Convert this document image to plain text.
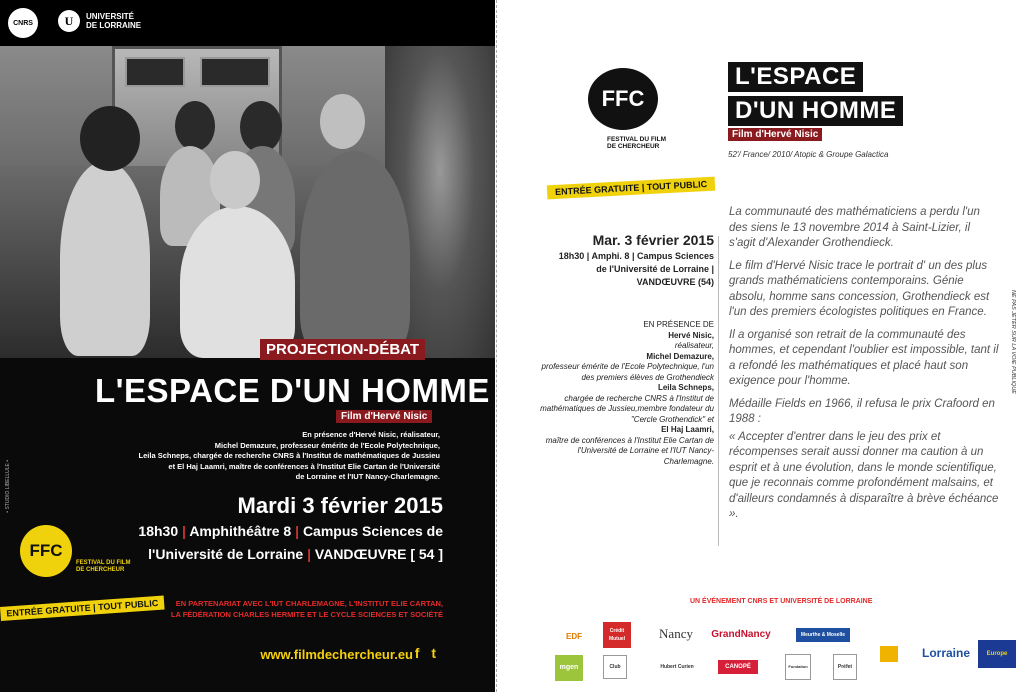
CNRS	U	UNIVERSITÉ
DE LORRAINE
PROJECTION-DÉBAT
L'ESPACE D'UN HOMME
Film d'Hervé Nisic
En présence d'Hervé Nisic, réalisateur,
Michel Demazure, professeur émérite de l'Ecole Polytechnique,
Leila Schneps, chargée de recherche CNRS à l'Institut de mathématiques de Jussieu
et El Haj Laamri, maître de conférences à l'Institut Elie Cartan de l'Université
de Lorraine et l'IUT Nancy-Charlemagne.
Mardi 3 février 2015
18h30 | Amphithéâtre 8 | Campus Sciences de
l'Université de Lorraine | VANDŒUVRE [ 54 ]
EN PARTENARIAT AVEC L'IUT CHARLEMAGNE, L'INSTITUT ELIE CARTAN,
LA FÉDÉRATION CHARLES HERMITE ET LE CYCLE SCIENCES ET SOCIÉTÉ
FFC
FESTIVAL DU FILM
DE CHERCHEUR
ENTRÉE GRATUITE | TOUT PUBLIC
www.filmdechercheur.eu f t
• STUDIO LIBELLULE •
FFC
FESTIVAL DU FILM
DE CHERCHEUR
L'ESPACE
D'UN HOMME
Film d'Hervé Nisic
52'/ France/ 2010/ Atopic & Groupe Galactica
ENTRÉE GRATUITE | TOUT PUBLIC
Mar. 3 février 2015
18h30 | Amphi. 8 | Campus Sciences
de l'Université de Lorraine |
VANDŒUVRE (54)
EN PRÉSENCE DE
Hervé Nisic,
réalisateur,
Michel Demazure,
professeur émérite de l'Ecole Polytechnique, l'un des premiers élèves de Grothendieck
Leila Schneps,
chargée de recherche CNRS à l'Institut de mathématiques de Jussieu,membre fondateur du "Cercle Grothendick" et
El Haj Laamri,
maître de conférences à l'Institut Elie Cartan de l'Université de Lorraine et l'IUT Nancy-Charlemagne.

La communauté des mathématiciens a perdu l'un des siens le 13 novembre 2014 à Saint-Lizier, il s'agit d'Alexander Grothendieck.

Le film d'Hervé Nisic trace le portrait d' un des plus grands mathématiciens contemporains. Génie absolu, homme sans concession, Grothendieck est l'un des premiers écologistes politiques en France.

Il a organisé son retrait de la communauté des hommes, et cependant l'oublier est impossible, tant il a refondé les mathématiques et placé haut son exigence pour l'homme.

Médaille Fields en 1966, il refusa le prix Crafoord en 1988 :

« Accepter d'entrer dans le jeu des prix et récompenses serait aussi donner ma caution à un esprit et à une évolution, dans le monde scientifique, que je reconnais comme profondément malsains, et d'ailleurs condamnés à disparaître à brève échéance ».

NE PAS JETER SUR LA VOIE PUBLIQUE
UN ÉVÉNEMENT CNRS ET UNIVERSITÉ DE LORRAINE
EDF
Crédit Mutuel	Nancy	GrandNancy	Meurthe & Moselle
Lorraine
mgen	Club	Hubert Curien	CANOPÉ	Fondation	Préfet
Europe
